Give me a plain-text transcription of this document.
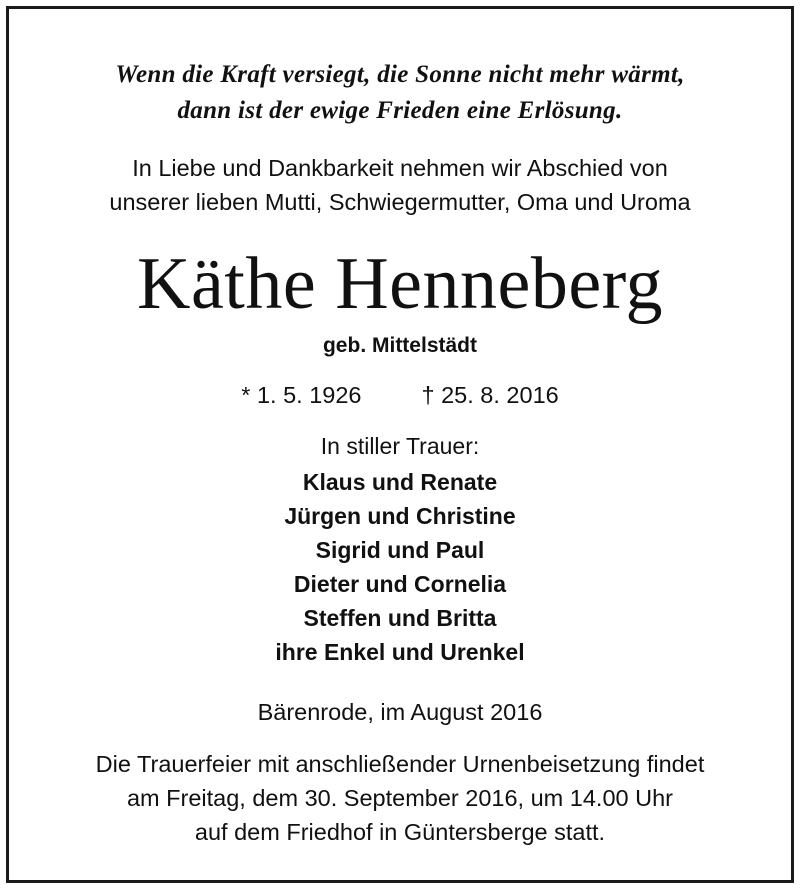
Wenn die Kraft versiegt, die Sonne nicht mehr wärmt,
dann ist der ewige Frieden eine Erlösung.
In Liebe und Dankbarkeit nehmen wir Abschied von
unserer lieben Mutti, Schwiegermutter, Oma und Uroma
Käthe Henneberg
geb. Mittelstädt
* 1. 5. 1926	† 25. 8. 2016
In stiller Trauer:
Klaus und Renate
Jürgen und Christine
Sigrid und Paul
Dieter und Cornelia
Steffen und Britta
ihre Enkel und Urenkel
Bärenrode, im August 2016
Die Trauerfeier mit anschließender Urnenbeisetzung findet
am Freitag, dem 30. September 2016, um 14.00 Uhr
auf dem Friedhof in Güntersberge statt.
